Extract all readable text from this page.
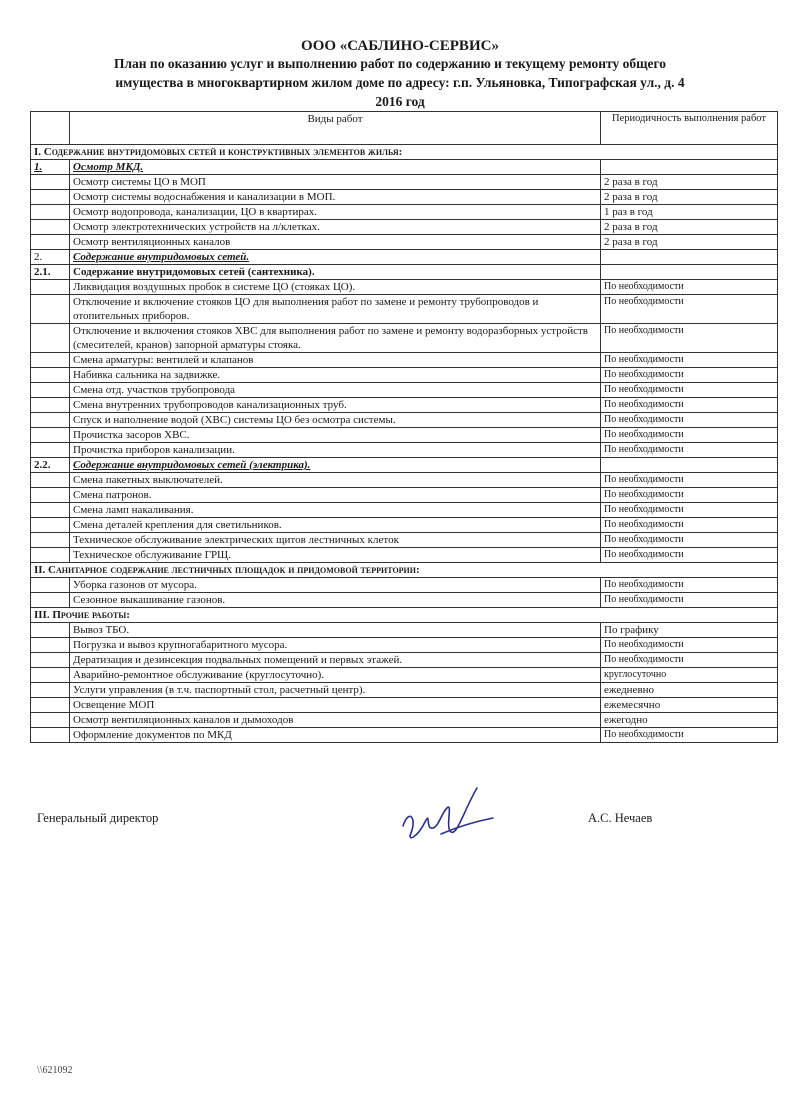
ООО «САБЛИНО-СЕРВИС»
План по оказанию услуг и выполнению работ по содержанию и текущему ремонту общего
имущества в многоквартирном жилом доме по адресу: г.п. Ульяновка, Типографская ул., д. 4
2016 год
	Виды работ	Периодичность выполнения работ
I. Содержание внутридомовых сетей и конструктивных элементов жилья:		
1.	Осмотр МКД.	
	Осмотр системы ЦО в МОП	2 раза в год
	Осмотр системы водоснабжения и канализации в МОП.	2 раза в год
	Осмотр водопровода, канализации, ЦО в квартирах.	1 раз в год
	Осмотр электротехнических устройств на л/клетках.	2 раза в год
	Осмотр вентиляционных каналов	2 раза в год
2.	Содержание внутридомовых сетей.	
2.1.	Содержание внутридомовых сетей (сантехника).	
	Ликвидация воздушных пробок в системе ЦО (стояках ЦО).	По необходимости
	Отключение и включение стояков ЦО для выполнения работ по замене и ремонту трубопроводов и отопительных приборов.	По необходимости
	Отключение и включения стояков ХВС для выполнения работ по замене и ремонту водоразборных устройств (смесителей, кранов) запорной арматуры стояка.	По необходимости
	Смена арматуры: вентилей и клапанов	По необходимости
	Набивка сальника на задвижке.	По необходимости
	Смена отд. участков трубопровода	По необходимости
	Смена внутренних трубопроводов канализационных труб.	По необходимости
	Спуск и наполнение водой (ХВС) системы ЦО без осмотра системы.	По необходимости
	Прочистка засоров ХВС.	По необходимости
	Прочистка приборов канализации.	По необходимости
2.2.	Содержание внутридомовых сетей (электрика).	
	Смена пакетных выключателей.	По необходимости
	Смена патронов.	По необходимости
	Смена ламп накаливания.	По необходимости
	Смена деталей крепления для светильников.	По необходимости
	Техническое обслуживание электрических щитов лестничных клеток	По необходимости
	Техническое обслуживание ГРЩ.	По необходимости
II. Санитарное содержание лестничных площадок и придомовой территории:		
	Уборка газонов от мусора.	По необходимости
	Сезонное выкашивание газонов.	По необходимости
III. Прочие работы:		
	Вывоз ТБО.	По графику
	Погрузка и вывоз крупногабаритного мусора.	По необходимости
	Дератизация и дезинсекция подвальных помещений и первых этажей.	По необходимости
	Аварийно-ремонтное обслуживание (круглосуточно).	круглосуточно
	Услуги управления (в т.ч. паспортный стол, расчетный центр).	ежедневно
	Освещение МОП	ежемесячно
	Осмотр вентиляционных каналов и дымоходов	ежегодно
	Оформление документов по МКД	По необходимости
Генеральный директор	А.С. Нечаев
\\621092
